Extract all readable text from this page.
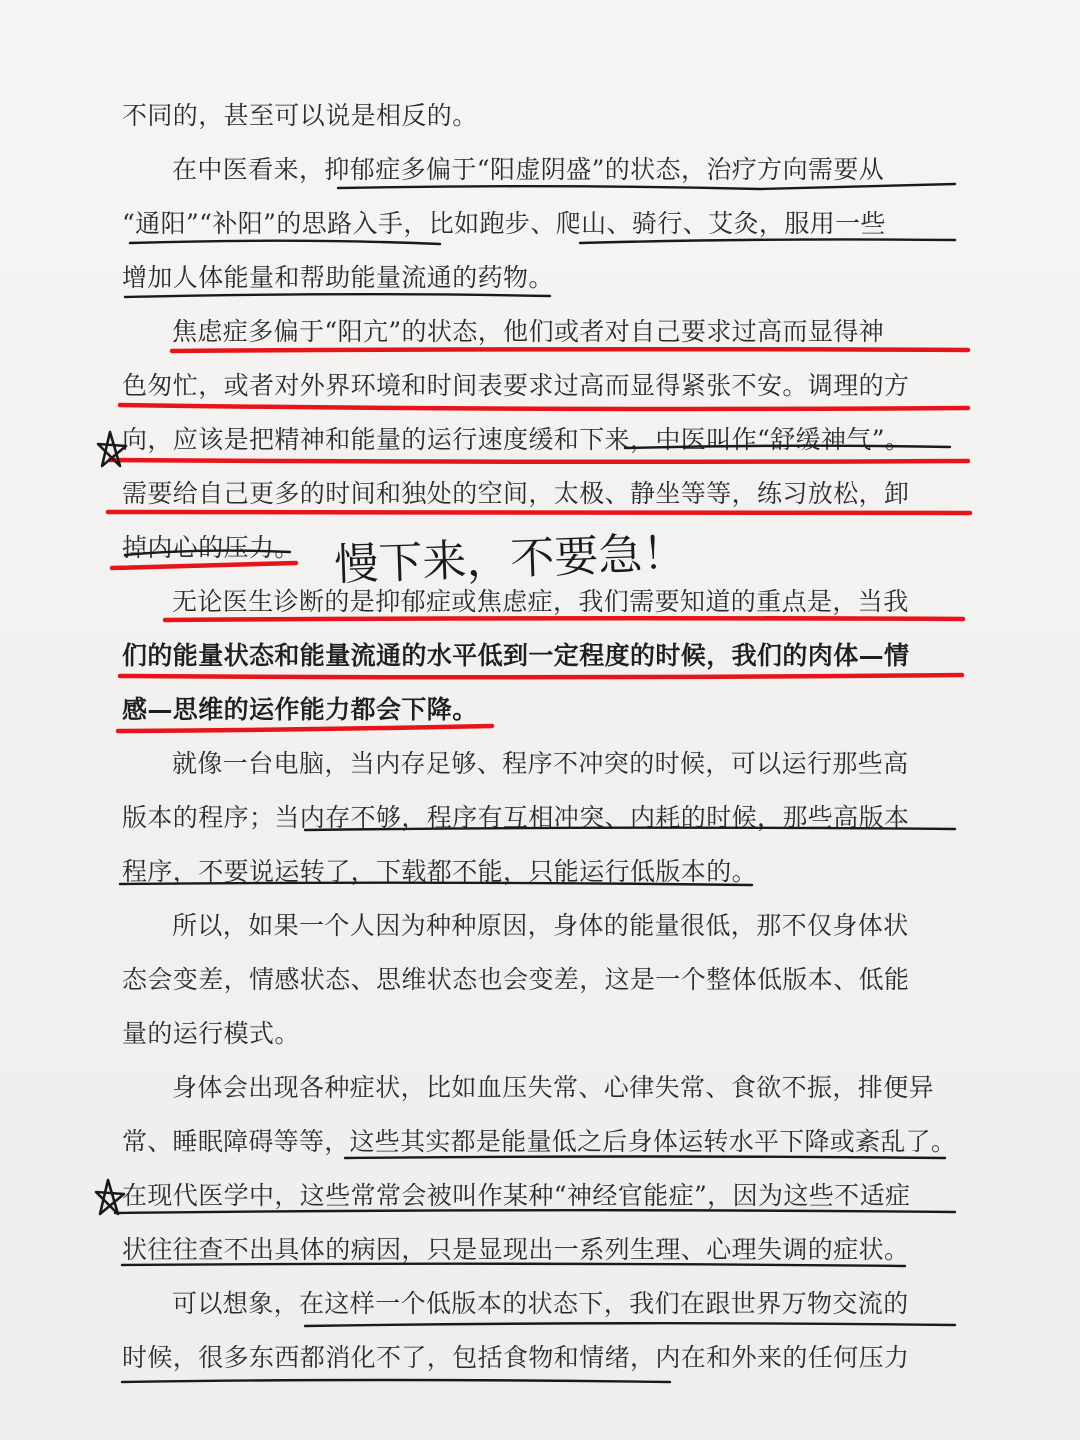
不同的，甚至可以说是相反的。
在中医看来，抑郁症多偏于“阳虚阴盛”的状态，治疗方向需要从
“通阳”“补阳”的思路入手，比如跑步、爬山、骑行、艾灸，服用一些
增加人体能量和帮助能量流通的药物。
焦虑症多偏于“阳亢”的状态，他们或者对自己要求过高而显得神
色匆忙，或者对外界环境和时间表要求过高而显得紧张不安。调理的方
向，应该是把精神和能量的运行速度缓和下来，中医叫作“舒缓神气”。
需要给自己更多的时间和独处的空间，太极、静坐等等，练习放松，卸
掉内心的压力。
无论医生诊断的是抑郁症或焦虑症，我们需要知道的重点是，当我
们的能量状态和能量流通的水平低到一定程度的时候，我们的肉体—情
感—思维的运作能力都会下降。
就像一台电脑，当内存足够、程序不冲突的时候，可以运行那些高
版本的程序；当内存不够，程序有互相冲突、内耗的时候，那些高版本
程序，不要说运转了，下载都不能，只能运行低版本的。
所以，如果一个人因为种种原因，身体的能量很低，那不仅身体状
态会变差，情感状态、思维状态也会变差，这是一个整体低版本、低能
量的运行模式。
身体会出现各种症状，比如血压失常、心律失常、食欲不振，排便异
常、睡眠障碍等等，这些其实都是能量低之后身体运转水平下降或紊乱了。
在现代医学中，这些常常会被叫作某种“神经官能症”，因为这些不适症
状往往查不出具体的病因，只是显现出一系列生理、心理失调的症状。
可以想象，在这样一个低版本的状态下，我们在跟世界万物交流的
时候，很多东西都消化不了，包括食物和情绪，内在和外来的任何压力
慢下来，不要急！
